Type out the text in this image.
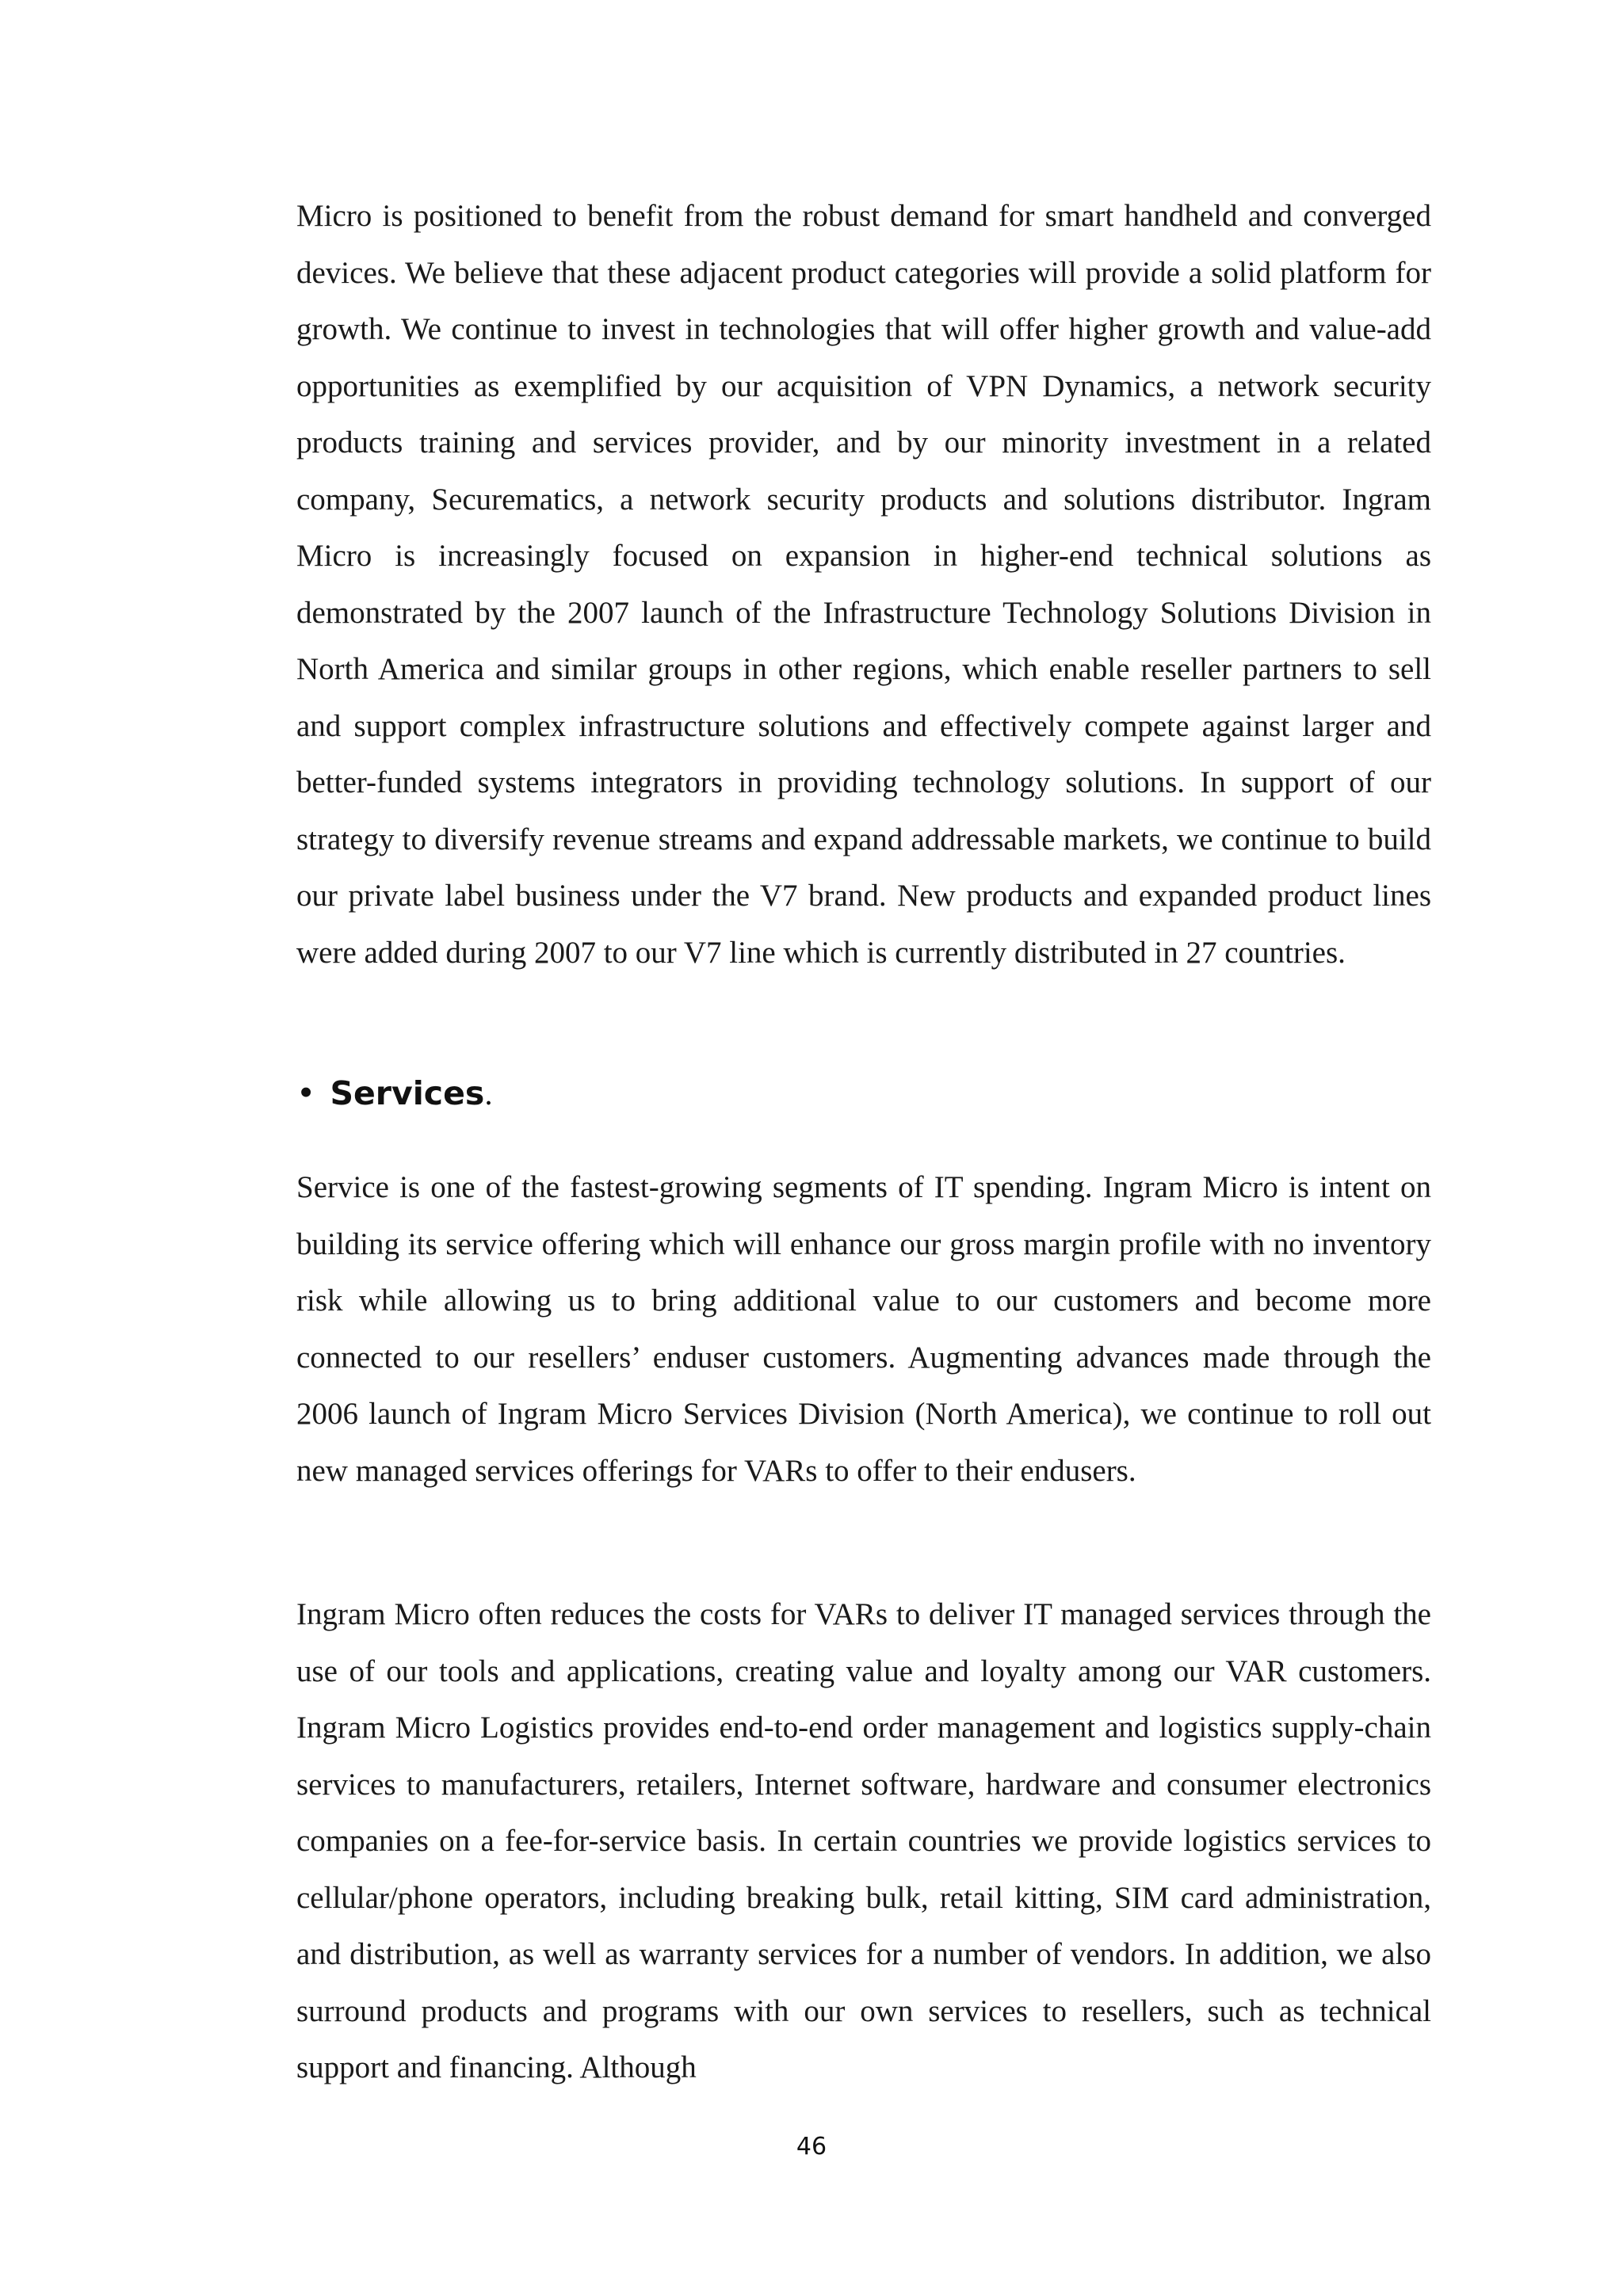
Micro is positioned to benefit from the robust demand for smart handheld and converged devices. We believe that these adjacent product categories will provide a solid platform for growth. We continue to invest in technologies that will offer higher growth and value-add opportunities as exemplified by our acquisition of VPN Dynamics, a network security products training and services provider, and by our minority investment in a related company, Securematics, a network security products and solutions distributor. Ingram Micro is increasingly focused on expansion in higher-end technical solutions as demonstrated by the 2007 launch of the Infrastructure Technology Solutions Division in North America and similar groups in other regions, which enable reseller partners to sell and support complex infrastructure solutions and effectively compete against larger and better-funded systems integrators in providing technology solutions. In support of our strategy to diversify revenue streams and expand addressable markets, we continue to build our private label business under the V7 brand. New products and expanded product lines were added during 2007 to our V7 line which is currently distributed in 27 countries.

• Services.

Service is one of the fastest-growing segments of IT spending. Ingram Micro is intent on building its service offering which will enhance our gross margin profile with no inventory risk while allowing us to bring additional value to our customers and become more connected to our resellers’ enduser customers. Augmenting advances made through the 2006 launch of Ingram Micro Services Division (North America), we continue to roll out new managed services offerings for VARs to offer to their endusers.

Ingram Micro often reduces the costs for VARs to deliver IT managed services through the use of our tools and applications, creating value and loyalty among our VAR customers. Ingram Micro Logistics provides end-to-end order management and logistics supply-chain services to manufacturers, retailers, Internet software, hardware and consumer electronics companies on a fee-for-service basis. In certain countries we provide logistics services to cellular/phone operators, including breaking bulk, retail kitting, SIM card administration, and distribution, as well as warranty services for a number of vendors. In addition, we also surround products and programs with our own services to resellers, such as technical support and financing. Although

46
